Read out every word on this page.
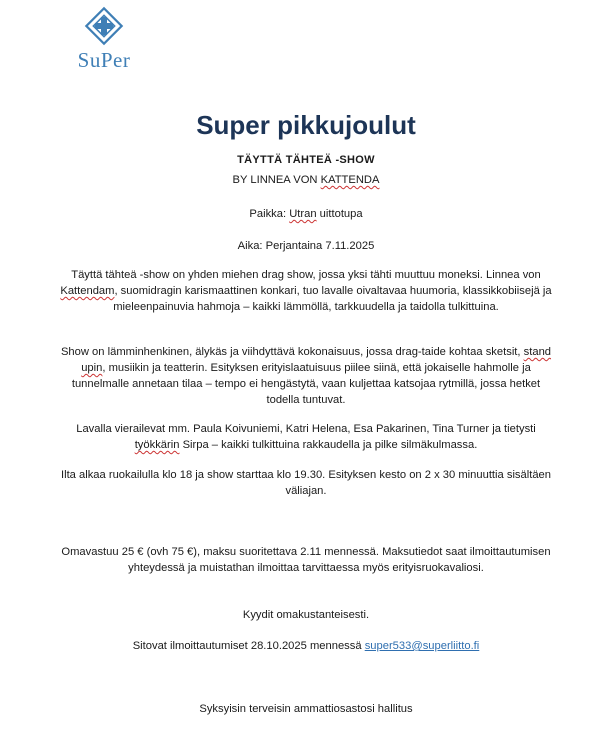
SuPer
Super pikkujoulut
TÄYTTÄ TÄHTEÄ -SHOW
BY LINNEA VON KATTENDA
Paikka: Utran uittotupa
Aika: Perjantaina 7.11.2025
Täyttä tähteä -show on yhden miehen drag show, jossa yksi tähti muuttuu moneksi. Linnea von Kattendam, suomidragin karismaattinen konkari, tuo lavalle oivaltavaa huumoria, klassikkobiisejä ja mieleenpainuvia hahmoja – kaikki lämmöllä, tarkkuudella ja taidolla tulkittuina.
Show on lämminhenkinen, älykäs ja viihdyttävä kokonaisuus, jossa drag-taide kohtaa sketsit, stand upin, musiikin ja teatterin. Esityksen erityislaatuisuus piilee siinä, että jokaiselle hahmolle ja tunnelmalle annetaan tilaa – tempo ei hengästytä, vaan kuljettaa katsojaa rytmillä, jossa hetket todella tuntuvat.
Lavalla vierailevat mm. Paula Koivuniemi, Katri Helena, Esa Pakarinen, Tina Turner ja tietysti työkkärin Sirpa – kaikki tulkittuina rakkaudella ja pilke silmäkulmassa.
Ilta alkaa ruokailulla klo 18 ja show starttaa klo 19.30. Esityksen kesto on 2 x 30 minuuttia sisältäen väliajan.
Omavastuu 25 € (ovh 75 €), maksu suoritettava 2.11 mennessä. Maksutiedot saat ilmoittautumisen yhteydessä ja muistathan ilmoittaa tarvittaessa myös erityisruokavaliosi.
Kyydit omakustanteisesti.
Sitovat ilmoittautumiset 28.10.2025 mennessä super533@superliitto.fi
Syksyisin terveisin ammattiosastosi hallitus
